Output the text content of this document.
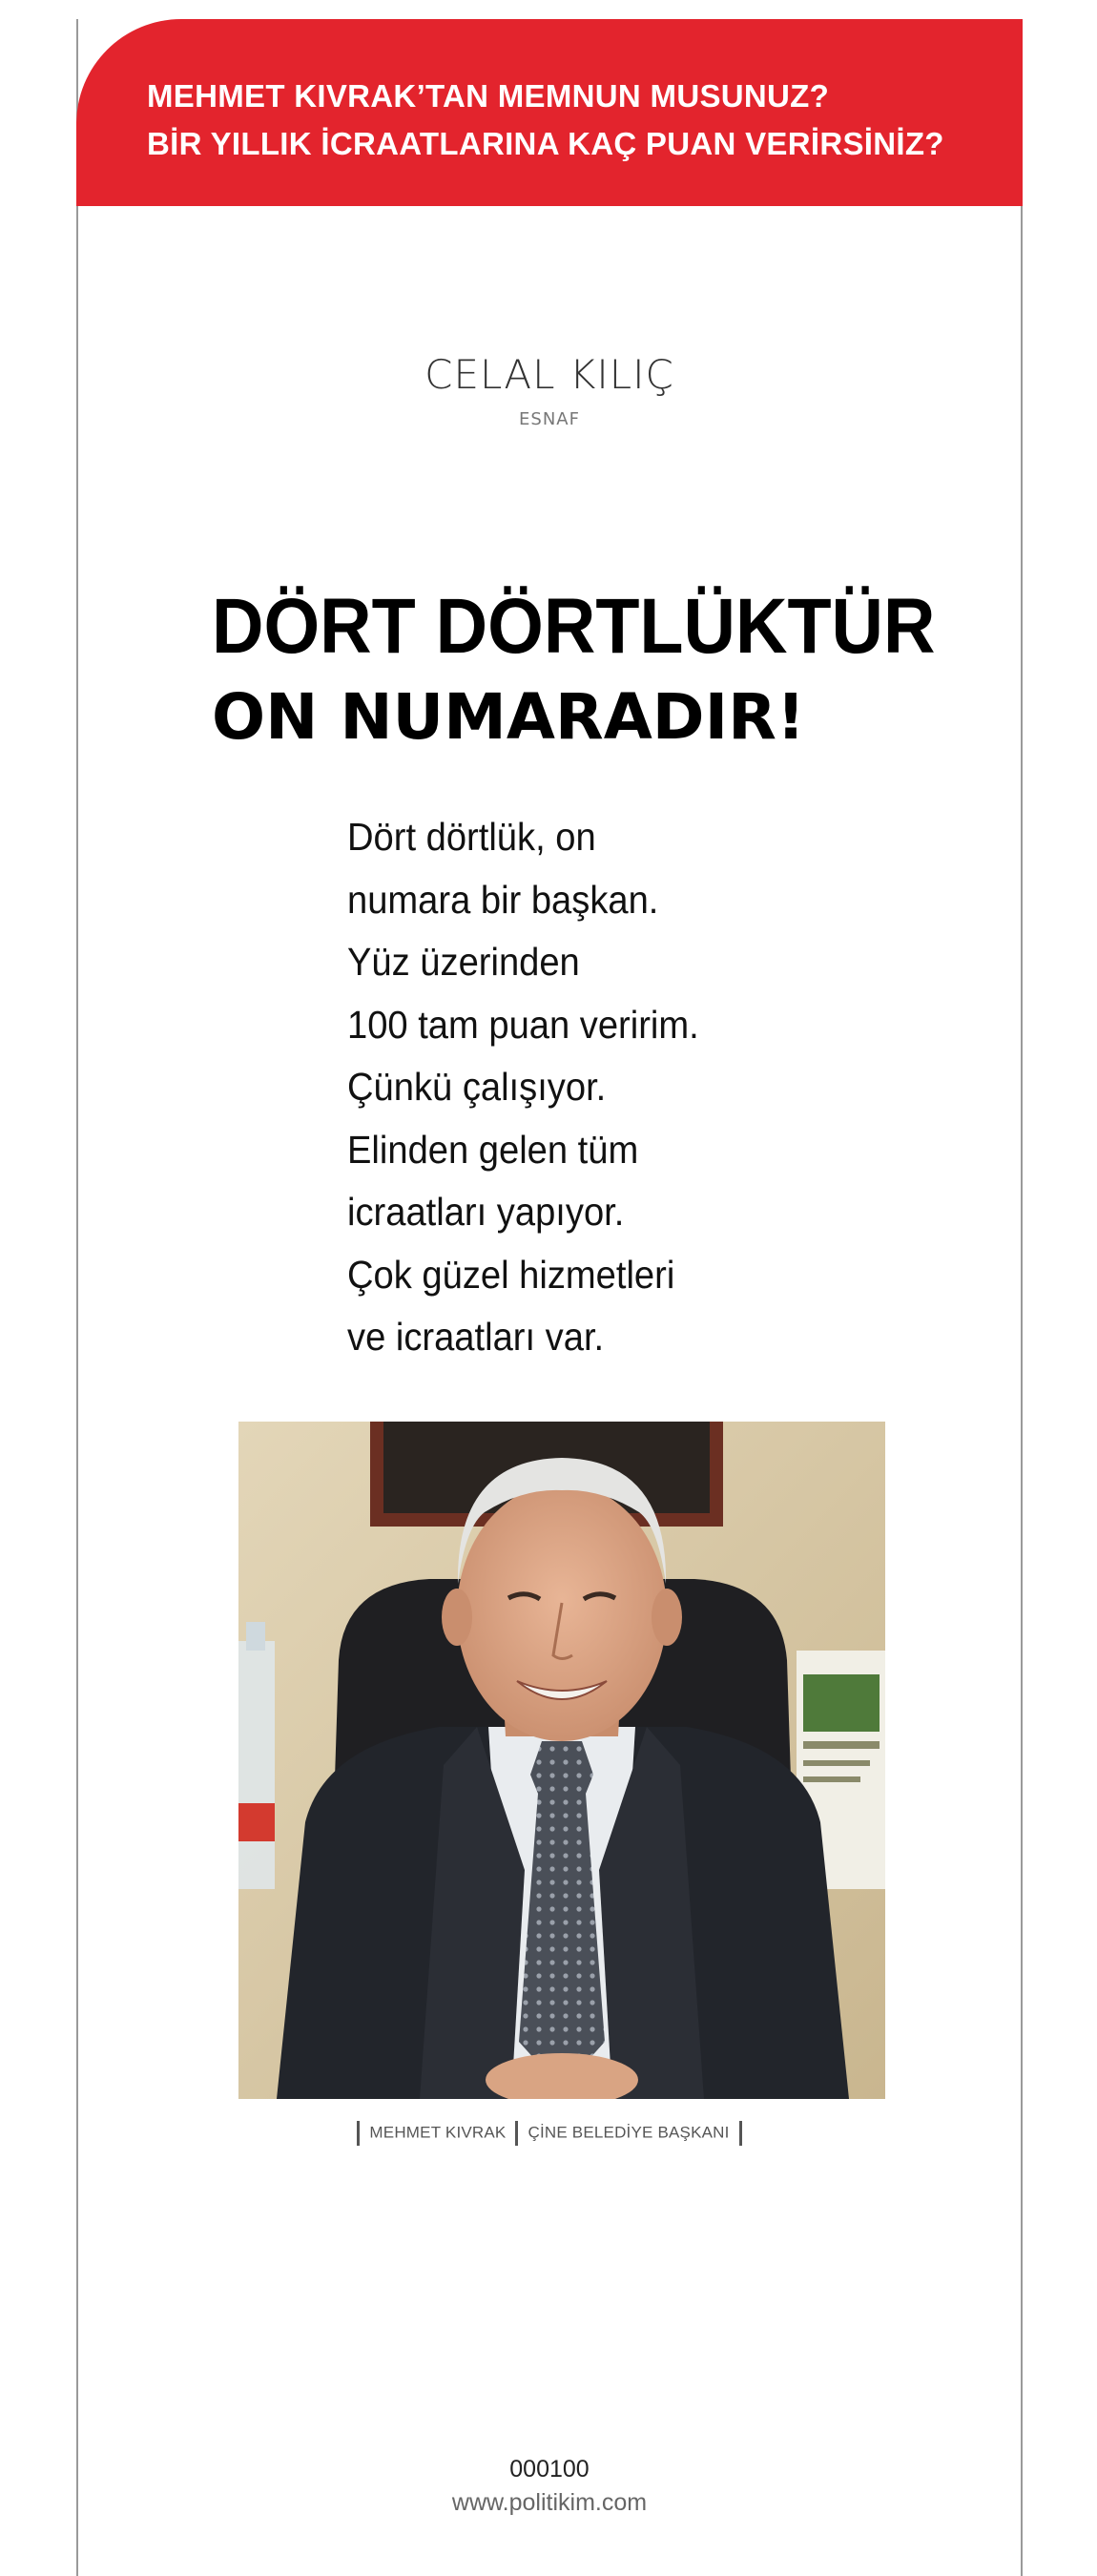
MEHMET KIVRAK’TAN MEMNUN MUSUNUZ?
BİR YILLIK İCRAATLARINA KAÇ PUAN VERİRSİNİZ?
CELAL KILIÇ
ESNAF
DÖRT DÖRTLÜKTÜR
ON NUMARADIR!
Dört dörtlük, on
numara bir başkan.
Yüz üzerinden
100 tam puan veririm.
Çünkü çalışıyor.
Elinden gelen tüm
icraatları yapıyor.
Çok güzel hizmetleri
ve icraatları var.
MEHMET KIVRAK ÇİNE BELEDİYE BAŞKANI
000100
www.politikim.com
